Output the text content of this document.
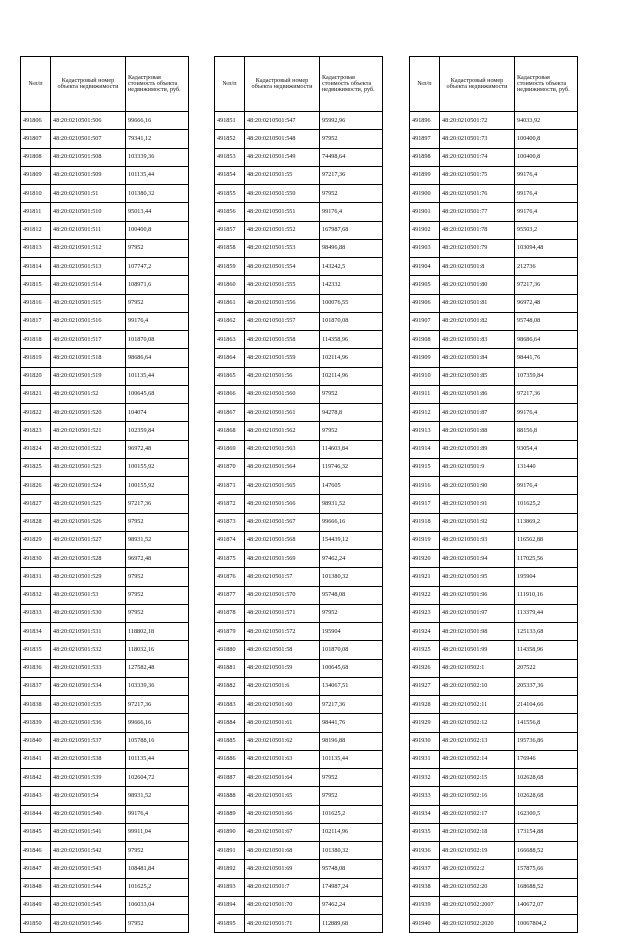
№п/п	Кадастровый номер объекта недвижимости	Кадастровая стоимость объекта недвижимости, руб.
491806	48:20:0210501:506	99666,16
491807	48:20:0210501:507	79341,12
491808	48:20:0210501:508	103339,36
491809	48:20:0210501:509	101135,44
491810	48:20:0210501:51	101380,32
491811	48:20:0210501:510	95013,44
491812	48:20:0210501:511	100400,8
491813	48:20:0210501:512	97952
491814	48:20:0210501:513	107747,2
491815	48:20:0210501:514	108971,6
491816	48:20:0210501:515	97952
491817	48:20:0210501:516	99176,4
491818	48:20:0210501:517	101870,08
491819	48:20:0210501:518	98686,64
491820	48:20:0210501:519	101135,44
491821	48:20:0210501:52	100645,68
491822	48:20:0210501:520	104074
491823	48:20:0210501:521	102359,84
491824	48:20:0210501:522	96972,48
491825	48:20:0210501:523	100155,92
491826	48:20:0210501:524	100155,92
491827	48:20:0210501:525	97217,36
491828	48:20:0210501:526	97952
491829	48:20:0210501:527	98931,52
491830	48:20:0210501:528	96972,48
491831	48:20:0210501:529	97952
491832	48:20:0210501:53	97952
491833	48:20:0210501:530	97952
491834	48:20:0210501:531	118802,18
491835	48:20:0210501:532	118032,16
491836	48:20:0210501:533	127582,48
491837	48:20:0210501:534	103339,36
491838	48:20:0210501:535	97217,36
491839	48:20:0210501:536	99666,16
491840	48:20:0210501:537	105788,16
491841	48:20:0210501:538	101135,44
491842	48:20:0210501:539	102604,72
491843	48:20:0210501:54	98931,52
491844	48:20:0210501:540	99176,4
491845	48:20:0210501:541	99911,04
491846	48:20:0210501:542	97952
491847	48:20:0210501:543	108481,84
491848	48:20:0210501:544	101625,2
491849	48:20:0210501:545	106033,04
491850	48:20:0210501:546	97952
№п/п	Кадастровый номер объекта недвижимости	Кадастровая стоимость объекта недвижимости, руб.
491851	48:20:0210501:547	95992,96
491852	48:20:0210501:548	97952
491853	48:20:0210501:549	74498,64
491854	48:20:0210501:55	97217,36
491855	48:20:0210501:550	97952
491856	48:20:0210501:551	99176,4
491857	48:20:0210501:552	167987,68
491858	48:20:0210501:553	98496,88
491859	48:20:0210501:554	143242,5
491860	48:20:0210501:555	142332
491861	48:20:0210501:556	100076,55
491862	48:20:0210501:557	101870,08
491863	48:20:0210501:558	114358,96
491864	48:20:0210501:559	102114,96
491865	48:20:0210501:56	102114,96
491866	48:20:0210501:560	97952
491867	48:20:0210501:561	94278,8
491868	48:20:0210501:562	97952
491869	48:20:0210501:563	114603,84
491870	48:20:0210501:564	119746,32
491871	48:20:0210501:565	147605
491872	48:20:0210501:566	98931,52
491873	48:20:0210501:567	99666,16
491874	48:20:0210501:568	154439,12
491875	48:20:0210501:569	97462,24
491876	48:20:0210501:57	101380,32
491877	48:20:0210501:570	95748,08
491878	48:20:0210501:571	97952
491879	48:20:0210501:572	195904
491880	48:20:0210501:58	101870,08
491881	48:20:0210501:59	100645,68
491882	48:20:0210501:6	134067,51
491883	48:20:0210501:60	97217,36
491884	48:20:0210501:61	98441,76
491885	48:20:0210501:62	98196,88
491886	48:20:0210501:63	101135,44
491887	48:20:0210501:64	97952
491888	48:20:0210501:65	97952
491889	48:20:0210501:66	101625,2
491890	48:20:0210501:67	102114,96
491891	48:20:0210501:68	101380,32
491892	48:20:0210501:69	95748,08
491893	48:20:0210501:7	174987,24
491894	48:20:0210501:70	97462,24
491895	48:20:0210501:71	112889,68
№п/п	Кадастровый номер объекта недвижимости	Кадастровая стоимость объекта недвижимости, руб.
491896	48:20:0210501:72	94033,92
491897	48:20:0210501:73	100400,8
491898	48:20:0210501:74	100400,8
491899	48:20:0210501:75	99176,4
491900	48:20:0210501:76	99176,4
491901	48:20:0210501:77	99176,4
491902	48:20:0210501:78	95503,2
491903	48:20:0210501:79	103094,48
491904	48:20:0210501:8	212736
491905	48:20:0210501:80	97217,36
491906	48:20:0210501:81	96972,48
491907	48:20:0210501:82	95748,08
491908	48:20:0210501:83	98686,64
491909	48:20:0210501:84	98441,76
491910	48:20:0210501:85	107359,84
491911	48:20:0210501:86	97217,36
491912	48:20:0210501:87	99176,4
491913	48:20:0210501:88	88156,8
491914	48:20:0210501:89	93054,4
491915	48:20:0210501:9	131440
491916	48:20:0210501:90	99176,4
491917	48:20:0210501:91	101625,2
491918	48:20:0210501:92	113869,2
491919	48:20:0210501:93	116562,88
491920	48:20:0210501:94	117025,56
491921	48:20:0210501:95	195904
491922	48:20:0210501:96	111910,16
491923	48:20:0210501:97	113379,44
491924	48:20:0210501:98	125133,68
491925	48:20:0210501:99	114358,96
491926	48:20:0210502:1	207522
491927	48:20:0210502:10	205337,36
491928	48:20:0210502:11	214104,66
491929	48:20:0210502:12	141556,8
491930	48:20:0210502:13	195736,86
491931	48:20:0210502:14	176946
491932	48:20:0210502:15	102628,68
491933	48:20:0210502:16	102628,68
491934	48:20:0210502:17	162300,5
491935	48:20:0210502:18	173154,88
491936	48:20:0210502:19	166688,52
491937	48:20:0210502:2	157875,66
491938	48:20:0210502:20	168688,52
491939	48:20:0210502:2007	140672,07
491940	48:20:0210502:2020	10067804,2
